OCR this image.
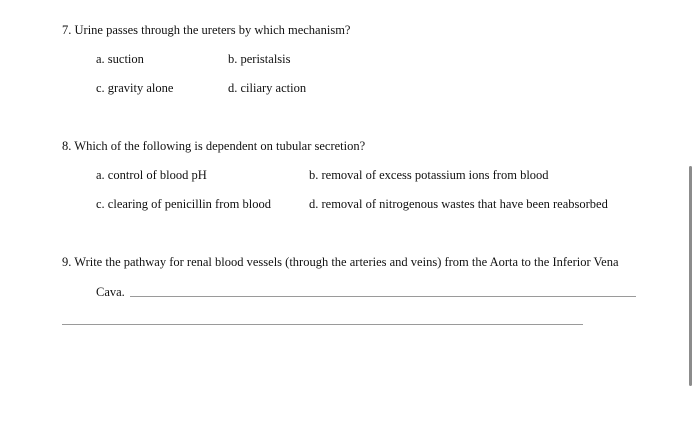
7. Urine passes through the ureters by which mechanism?
a. suction	b. peristalsis
c. gravity alone	d. ciliary action
8. Which of the following is dependent on tubular secretion?
a. control of blood pH	b. removal of excess potassium ions from blood
c. clearing of penicillin from blood	d. removal of nitrogenous wastes that have been reabsorbed
9. Write the pathway for renal blood vessels (through the arteries and veins) from the Aorta to the Inferior Vena
Cava.
